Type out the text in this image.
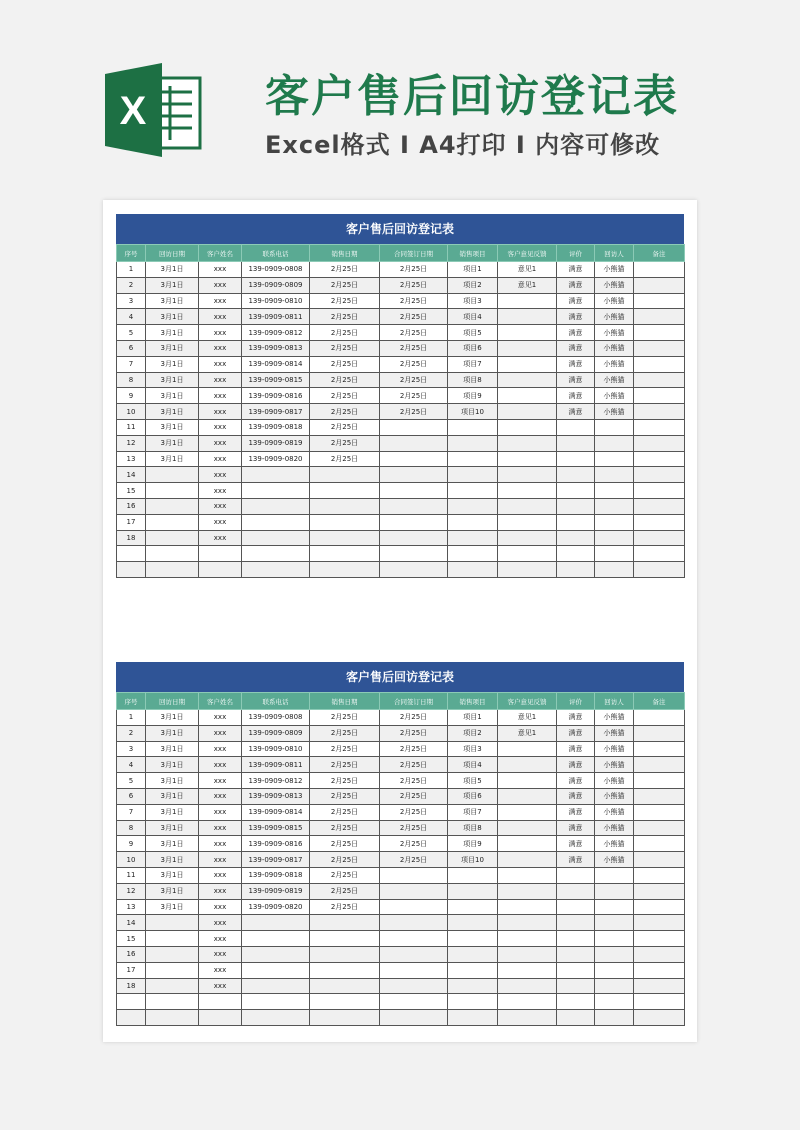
X	客户售后回访登记表
Excel格式 Ⅰ A4打印 Ⅰ 内容可修改
客户售后回访登记表
序号	回访日期	客户姓名	联系电话	销售日期	合同签订日期	销售项目	客户意见反馈	评价	回访人	备注
1	3月1日	xxx	139-0909-0808	2月25日	2月25日	项目1	意见1	满意	小熊猫	
2	3月1日	xxx	139-0909-0809	2月25日	2月25日	项目2	意见1	满意	小熊猫	
3	3月1日	xxx	139-0909-0810	2月25日	2月25日	项目3		满意	小熊猫	
4	3月1日	xxx	139-0909-0811	2月25日	2月25日	项目4		满意	小熊猫	
5	3月1日	xxx	139-0909-0812	2月25日	2月25日	项目5		满意	小熊猫	
6	3月1日	xxx	139-0909-0813	2月25日	2月25日	项目6		满意	小熊猫	
7	3月1日	xxx	139-0909-0814	2月25日	2月25日	项目7		满意	小熊猫	
8	3月1日	xxx	139-0909-0815	2月25日	2月25日	项目8		满意	小熊猫	
9	3月1日	xxx	139-0909-0816	2月25日	2月25日	项目9		满意	小熊猫	
10	3月1日	xxx	139-0909-0817	2月25日	2月25日	项目10		满意	小熊猫	
11	3月1日	xxx	139-0909-0818	2月25日						
12	3月1日	xxx	139-0909-0819	2月25日						
13	3月1日	xxx	139-0909-0820	2月25日						
14		xxx								
15		xxx								
16		xxx								
17		xxx								
18		xxx								

客户售后回访登记表
序号	回访日期	客户姓名	联系电话	销售日期	合同签订日期	销售项目	客户意见反馈	评价	回访人	备注
1	3月1日	xxx	139-0909-0808	2月25日	2月25日	项目1	意见1	满意	小熊猫	
2	3月1日	xxx	139-0909-0809	2月25日	2月25日	项目2	意见1	满意	小熊猫	
3	3月1日	xxx	139-0909-0810	2月25日	2月25日	项目3		满意	小熊猫	
4	3月1日	xxx	139-0909-0811	2月25日	2月25日	项目4		满意	小熊猫	
5	3月1日	xxx	139-0909-0812	2月25日	2月25日	项目5		满意	小熊猫	
6	3月1日	xxx	139-0909-0813	2月25日	2月25日	项目6		满意	小熊猫	
7	3月1日	xxx	139-0909-0814	2月25日	2月25日	项目7		满意	小熊猫	
8	3月1日	xxx	139-0909-0815	2月25日	2月25日	项目8		满意	小熊猫	
9	3月1日	xxx	139-0909-0816	2月25日	2月25日	项目9		满意	小熊猫	
10	3月1日	xxx	139-0909-0817	2月25日	2月25日	项目10		满意	小熊猫	
11	3月1日	xxx	139-0909-0818	2月25日						
12	3月1日	xxx	139-0909-0819	2月25日						
13	3月1日	xxx	139-0909-0820	2月25日						
14		xxx								
15		xxx								
16		xxx								
17		xxx								
18		xxx								
